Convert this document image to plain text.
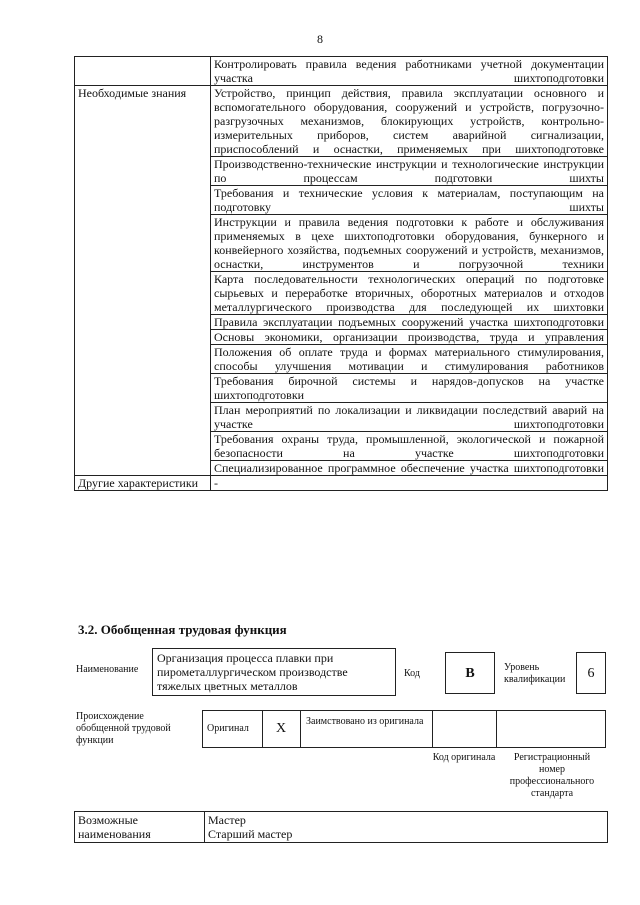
8

	Контролировать правила ведения работниками учетной документации участка шихтоподготовки

Необходимые знания	Устройство, принцип действия, правила эксплуатации основного и вспомогательного оборудования, сооружений и устройств, погрузочно-разгрузочных механизмов, блокирующих устройств, контрольно-измерительных приборов, систем аварийной сигнализации, приспособлений и оснастки, применяемых при шихтоподготовке

	Производственно-технические инструкции и технологические инструкции по процессам подготовки шихты

	Требования и технические условия к материалам, поступающим на подготовку шихты

	Инструкции и правила ведения подготовки к работе и обслуживания применяемых в цехе шихтоподготовки оборудования, бункерного и конвейерного хозяйства, подъемных сооружений и устройств, механизмов, оснастки, инструментов и погрузочной техники

	Карта последовательности технологических операций по подготовке сырьевых и переработке вторичных, оборотных материалов и отходов металлургического производства для последующей их шихтовки

	Правила эксплуатации подъемных сооружений участка шихтоподготовки

	Основы экономики, организации производства, труда и управления

	Положения об оплате труда и формах материального стимулирования, способы улучшения мотивации и стимулирования работников

	Требования бирочной системы и нарядов-допусков на участке шихтоподготовки

	План мероприятий по локализации и ликвидации последствий аварий на участке шихтоподготовки

	Требования охраны труда, промышленной, экологической и пожарной безопасности на участке шихтоподготовки

	Специализированное программное обеспечение участка шихтоподготовки

Другие характеристики	-
3.2. Обобщенная трудовая функция
Наименование
Организация процесса плавки при пирометаллургическом производстве тяжелых цветных металлов
Код	B	Уровень квалификации	6
Происхождение обобщенной трудовой функции
Оригинал	X	Заимствовано из оригинала
Код оригинала	Регистрационный номер профессионального стандарта
Возможные наименования	
Мастер
Старший мастер
